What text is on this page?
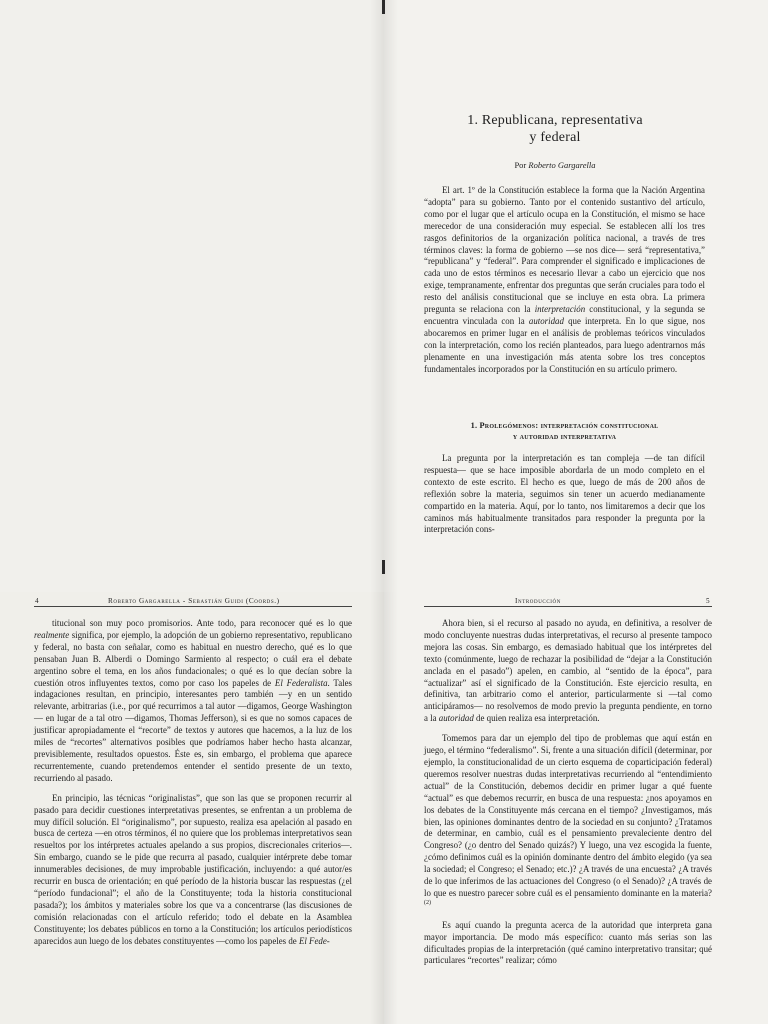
1. Republicana, representativa
y federal
Por Roberto Gargarella

El art. 1º de la Constitución establece la forma que la Nación Argentina “adopta” para su gobierno. Tanto por el contenido sustantivo del artículo, como por el lugar que el artículo ocupa en la Constitución, el mismo se hace merecedor de una consideración muy especial. Se establecen allí los tres rasgos definitorios de la organización política nacional, a través de tres términos claves: la forma de gobierno —se nos dice— será “representativa,” “republicana” y “federal”. Para comprender el significado e implicaciones de cada uno de estos términos es necesario llevar a cabo un ejercicio que nos exige, tempranamente, enfrentar dos preguntas que serán cruciales para todo el resto del análisis constitucional que se incluye en esta obra. La primera pregunta se relaciona con la interpretación constitucional, y la segunda se encuentra vinculada con la autoridad que interpreta. En lo que sigue, nos abocaremos en primer lugar en el análisis de problemas teóricos vinculados con la interpretación, como los recién planteados, para luego adentrarnos más plenamente en una investigación más atenta sobre los tres conceptos fundamentales incorporados por la Constitución en su artículo primero.

1. Prolegómenos: interpretación constitucional
y autoridad interpretativa

La pregunta por la interpretación es tan compleja —de tan difícil respuesta— que se hace imposible abordarla de un modo completo en el contexto de este escrito. El hecho es que, luego de más de 200 años de reflexión sobre la materia, seguimos sin tener un acuerdo medianamente compartido en la materia. Aquí, por lo tanto, nos limitaremos a decir que los caminos más habitualmente transitados para responder la pregunta por la interpretación cons-

4	Roberto Gargarella - Sebastián Guidi (Coords.)	Introducción	5

titucional son muy poco promisorios. Ante todo, para reconocer qué es lo que realmente significa, por ejemplo, la adopción de un gobierno representativo, republicano y federal, no basta con señalar, como es habitual en nuestro derecho, qué es lo que pensaban Juan B. Alberdi o Domingo Sarmiento al respecto; o cuál era el debate argentino sobre el tema, en los años fundacionales; o qué es lo que decían sobre la cuestión otros influyentes textos, como por caso los papeles de El Federalista. Tales indagaciones resultan, en principio, interesantes pero también —y en un sentido relevante, arbitrarias (i.e., por qué recurrimos a tal autor —digamos, George Washington— en lugar de a tal otro —digamos, Thomas Jefferson), si es que no somos capaces de justificar apropiadamente el “recorte” de textos y autores que hacemos, a la luz de los miles de “recortes” alternativos posibles que podríamos haber hecho hasta alcanzar, previsiblemente, resultados opuestos. Éste es, sin embargo, el problema que aparece recurrentemente, cuando pretendemos entender el sentido presente de un texto, recurriendo al pasado.

En principio, las técnicas “originalistas”, que son las que se proponen recurrir al pasado para decidir cuestiones interpretativas presentes, se enfrentan a un problema de muy difícil solución. El “originalismo”, por supuesto, realiza esa apelación al pasado en busca de certeza —en otros términos, él no quiere que los problemas interpretativos sean resueltos por los intérpretes actuales apelando a sus propios, discrecionales criterios—. Sin embargo, cuando se le pide que recurra al pasado, cualquier intérprete debe tomar innumerables decisiones, de muy improbable justificación, incluyendo: a qué autor/es recurrir en busca de orientación; en qué período de la historia buscar las respuestas (¿el “período fundacional”; el año de la Constituyente; toda la historia constitucional pasada?); los ámbitos y materiales sobre los que va a concentrarse (las discusiones de comisión relacionadas con el artículo referido; todo el debate en la Asamblea Constituyente; los debates públicos en torno a la Constitución; los artículos periodísticos aparecidos aun luego de los debates constituyentes —como los papeles de El Fede-

Ahora bien, si el recurso al pasado no ayuda, en definitiva, a resolver de modo concluyente nuestras dudas interpretativas, el recurso al presente tampoco mejora las cosas. Sin embargo, es demasiado habitual que los intérpretes del texto (comúnmente, luego de rechazar la posibilidad de “dejar a la Constitución anclada en el pasado”) apelen, en cambio, al “sentido de la época”, para “actualizar” así el significado de la Constitución. Este ejercicio resulta, en definitiva, tan arbitrario como el anterior, particularmente si —tal como anticipáramos— no resolvemos de modo previo la pregunta pendiente, en torno a la autoridad de quien realiza esa interpretación.

Tomemos para dar un ejemplo del tipo de problemas que aquí están en juego, el término “federalismo”. Si, frente a una situación difícil (determinar, por ejemplo, la constitucionalidad de un cierto esquema de coparticipación federal) queremos resolver nuestras dudas interpretativas recurriendo al “entendimiento actual” de la Constitución, debemos decidir en primer lugar a qué fuente “actual” es que debemos recurrir, en busca de una respuesta: ¿nos apoyamos en los debates de la Constituyente más cercana en el tiempo? ¿Investigamos, más bien, las opiniones dominantes dentro de la sociedad en su conjunto? ¿Tratamos de determinar, en cambio, cuál es el pensamiento prevaleciente dentro del Congreso? (¿o dentro del Senado quizás?) Y luego, una vez escogida la fuente, ¿cómo definimos cuál es la opinión dominante dentro del ámbito elegido (ya sea la sociedad; el Congreso; el Senado; etc.)? ¿A través de una encuesta? ¿A través de lo que inferimos de las actuaciones del Congreso (o el Senado)? ¿A través de lo que es nuestro parecer sobre cuál es el pensamiento dominante en la materia?$^{(2)}$

Es aquí cuando la pregunta acerca de la autoridad que interpreta gana mayor importancia. De modo más específico: cuanto más serias son las dificultades propias de la interpretación (qué camino interpretativo transitar; qué particulares “recortes” realizar; cómo
